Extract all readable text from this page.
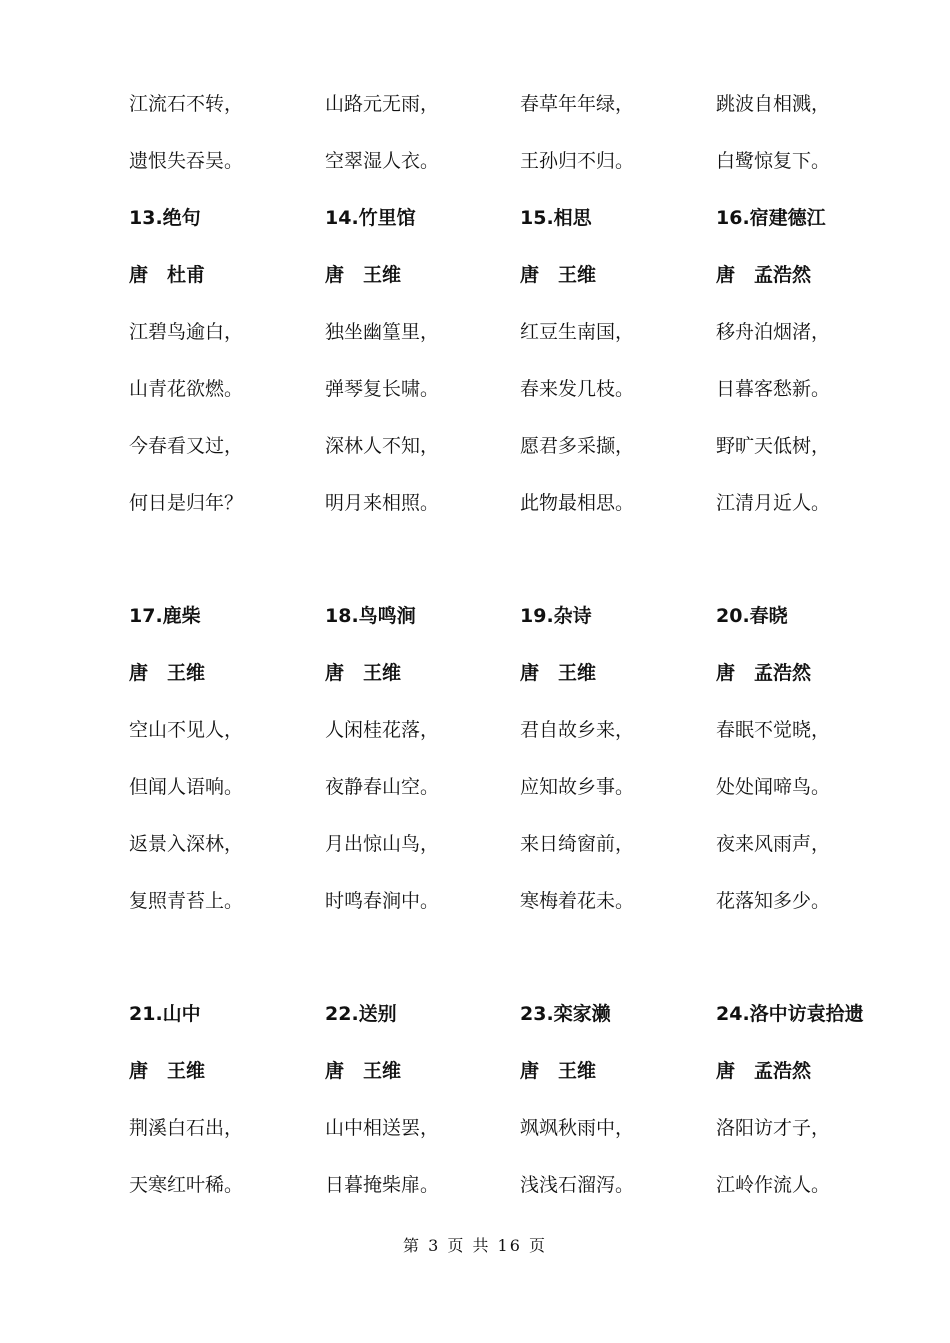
江流石不转，
遗恨失吞吴。
山路元无雨，
空翠湿人衣。
春草年年绿，
王孙归不归。
跳波自相溅，
白鹭惊复下。
13.绝句
唐　杜甫
江碧鸟逾白，
山青花欲燃。
今春看又过，
何日是归年？
14.竹里馆
唐　王维
独坐幽篁里，
弹琴复长啸。
深林人不知，
明月来相照。
15.相思
唐　王维
红豆生南国，
春来发几枝。
愿君多采撷，
此物最相思。
16.宿建德江
唐　孟浩然
移舟泊烟渚，
日暮客愁新。
野旷天低树，
江清月近人。
17.鹿柴
唐　王维
空山不见人，
但闻人语响。
返景入深林，
复照青苔上。
18.鸟鸣涧
唐　王维
人闲桂花落，
夜静春山空。
月出惊山鸟，
时鸣春涧中。
19.杂诗
唐　王维
君自故乡来，
应知故乡事。
来日绮窗前，
寒梅着花未。
20.春晓
唐　孟浩然
春眠不觉晓，
处处闻啼鸟。
夜来风雨声，
花落知多少。
21.山中
唐　王维
荆溪白石出，
天寒红叶稀。
22.送别
唐　王维
山中相送罢，
日暮掩柴扉。
23.栾家濑
唐　王维
飒飒秋雨中，
浅浅石溜泻。
24.洛中访袁拾遗
唐　孟浩然
洛阳访才子，
江岭作流人。
第 3 页 共 16 页
